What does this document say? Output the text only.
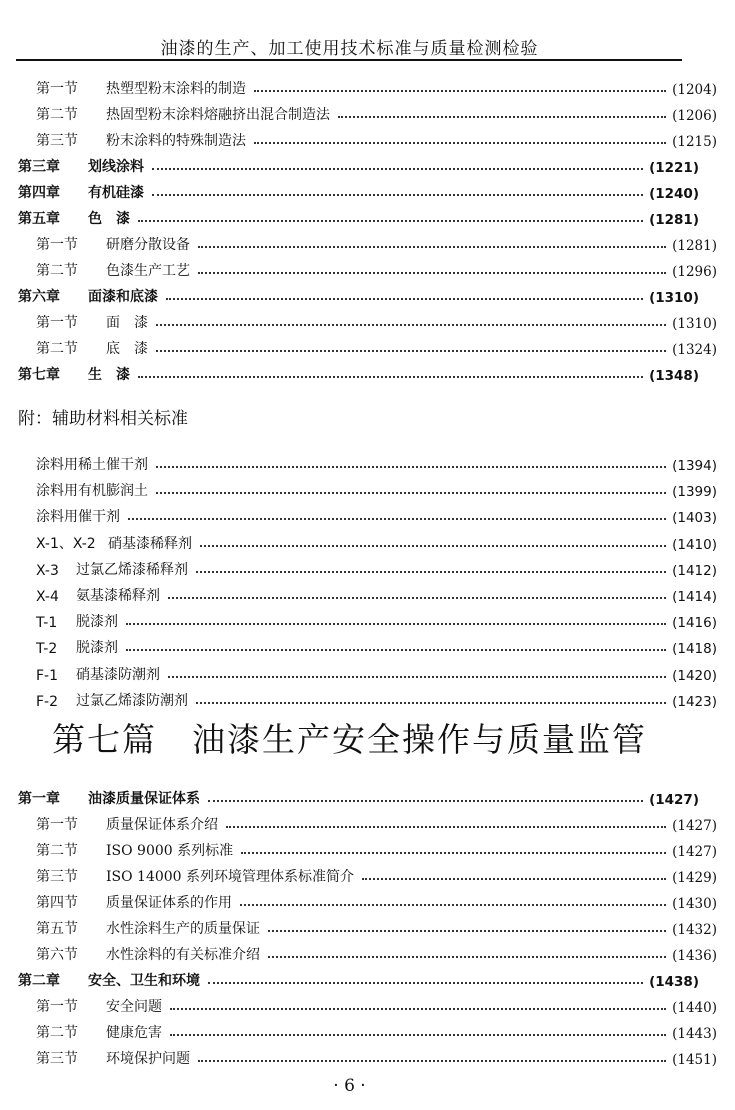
油漆的生产、加工使用技术标准与质量检测检验
第一节	热塑型粉末涂料的制造	(1204)
第二节	热固型粉末涂料熔融挤出混合制造法	(1206)
第三节	粉末涂料的特殊制造法	(1215)
第三章	划线涂料	(1221)
第四章	有机硅漆	(1240)
第五章	色　漆	(1281)
第一节	研磨分散设备	(1281)
第二节	色漆生产工艺	(1296)
第六章	面漆和底漆	(1310)
第一节	面　漆	(1310)
第二节	底　漆	(1324)
第七章	生　漆	(1348)
附：辅助材料相关标准
涂料用稀土催干剂	(1394)
涂料用有机膨润土	(1399)
涂料用催干剂	(1403)
X-1、X-2 硝基漆稀释剂	(1410)
X-3	过氯乙烯漆稀释剂	(1412)
X-4	氨基漆稀释剂	(1414)
T-1	脱漆剂	(1416)
T-2	脱漆剂	(1418)
F-1	硝基漆防潮剂	(1420)
F-2	过氯乙烯漆防潮剂	(1423)
第七篇　油漆生产安全操作与质量监管
第一章	油漆质量保证体系	(1427)
第一节	质量保证体系介绍	(1427)
第二节	ISO 9000 系列标准	(1427)
第三节	ISO 14000 系列环境管理体系标准简介	(1429)
第四节	质量保证体系的作用	(1430)
第五节	水性涂料生产的质量保证	(1432)
第六节	水性涂料的有关标准介绍	(1436)
第二章	安全、卫生和环境	(1438)
第一节	安全问题	(1440)
第二节	健康危害	(1443)
第三节	环境保护问题	(1451)
· 6 ·
